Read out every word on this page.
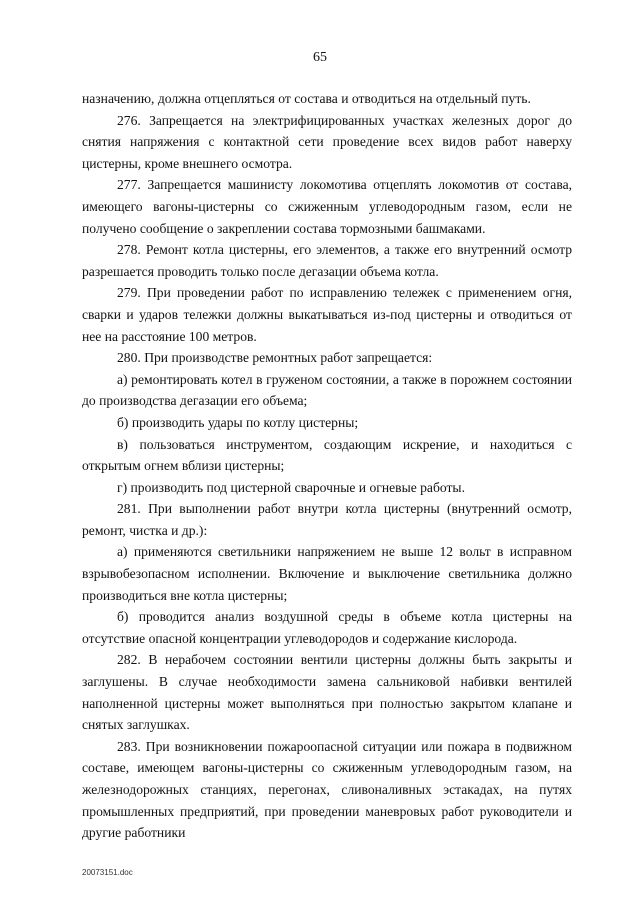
65

назначению, должна отцепляться от состава и отводиться на отдельный путь.

276. Запрещается на электрифицированных участках железных дорог до снятия напряжения с контактной сети проведение всех видов работ наверху цистерны, кроме внешнего осмотра.

277. Запрещается машинисту локомотива отцеплять локомотив от состава, имеющего вагоны-цистерны со сжиженным углеводородным газом, если не получено сообщение о закреплении состава тормозными башмаками.

278. Ремонт котла цистерны, его элементов, а также его внутренний осмотр разрешается проводить только после дегазации объема котла.

279. При проведении работ по исправлению тележек с применением огня, сварки и ударов тележки должны выкатываться из-под цистерны и отводиться от нее на расстояние 100 метров.

280. При производстве ремонтных работ запрещается:

а) ремонтировать котел в груженом состоянии, а также в порожнем состоянии до производства дегазации его объема;

б) производить удары по котлу цистерны;

в) пользоваться инструментом, создающим искрение, и находиться с открытым огнем вблизи цистерны;

г) производить под цистерной сварочные и огневые работы.

281. При выполнении работ внутри котла цистерны (внутренний осмотр, ремонт, чистка и др.):

а) применяются светильники напряжением не выше 12 вольт в исправном взрывобезопасном исполнении. Включение и выключение светильника должно производиться вне котла цистерны;

б) проводится анализ воздушной среды в объеме котла цистерны на отсутствие опасной концентрации углеводородов и содержание кислорода.

282. В нерабочем состоянии вентили цистерны должны быть закрыты и заглушены. В случае необходимости замена сальниковой набивки вентилей наполненной цистерны может выполняться при полностью закрытом клапане и снятых заглушках.

283. При возникновении пожароопасной ситуации или пожара в подвижном составе, имеющем вагоны-цистерны со сжиженным углеводородным газом, на железнодорожных станциях, перегонах, сливоналивных эстакадах, на путях промышленных предприятий, при проведении маневровых работ руководители и другие работники

20073151.doc
